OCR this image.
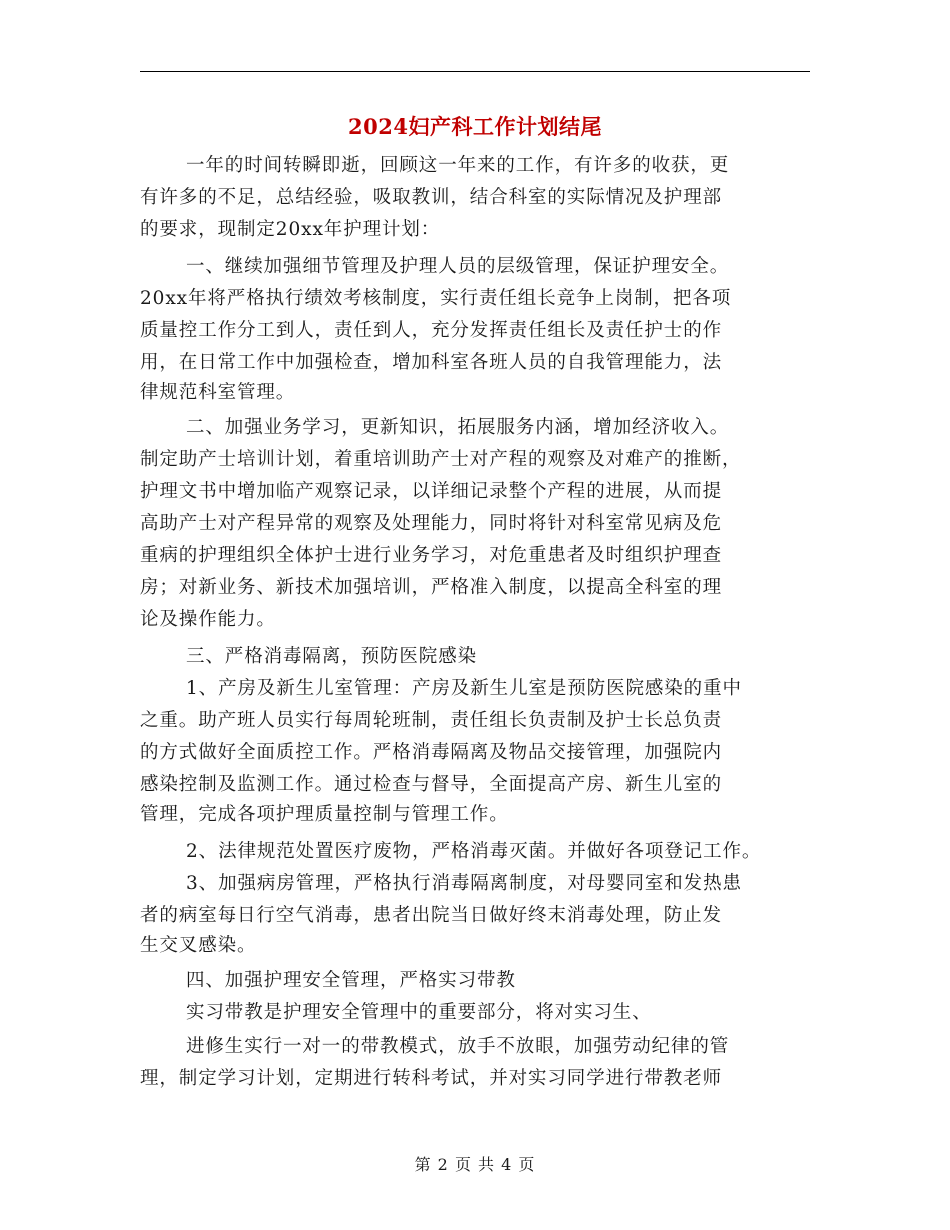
2024妇产科工作计划结尾
一年的时间转瞬即逝，回顾这一年来的工作，有许多的收获，更
有许多的不足，总结经验，吸取教训，结合科室的实际情况及护理部
的要求，现制定20xx年护理计划：
一、继续加强细节管理及护理人员的层级管理，保证护理安全。
20xx年将严格执行绩效考核制度，实行责任组长竞争上岗制，把各项
质量控工作分工到人，责任到人，充分发挥责任组长及责任护士的作
用，在日常工作中加强检查，增加科室各班人员的自我管理能力，法
律规范科室管理。
二、加强业务学习，更新知识，拓展服务内涵，增加经济收入。
制定助产士培训计划，着重培训助产士对产程的观察及对难产的推断，
护理文书中增加临产观察记录，以详细记录整个产程的进展，从而提
高助产士对产程异常的观察及处理能力，同时将针对科室常见病及危
重病的护理组织全体护士进行业务学习，对危重患者及时组织护理查
房；对新业务、新技术加强培训，严格准入制度，以提高全科室的理
论及操作能力。
三、严格消毒隔离，预防医院感染
1、产房及新生儿室管理：产房及新生儿室是预防医院感染的重中
之重。助产班人员实行每周轮班制，责任组长负责制及护士长总负责
的方式做好全面质控工作。严格消毒隔离及物品交接管理，加强院内
感染控制及监测工作。通过检查与督导，全面提高产房、新生儿室的
管理，完成各项护理质量控制与管理工作。
2、法律规范处置医疗废物，严格消毒灭菌。并做好各项登记工作。
3、加强病房管理，严格执行消毒隔离制度，对母婴同室和发热患
者的病室每日行空气消毒，患者出院当日做好终末消毒处理，防止发
生交叉感染。
四、加强护理安全管理，严格实习带教
实习带教是护理安全管理中的重要部分，将对实习生、
进修生实行一对一的带教模式，放手不放眼，加强劳动纪律的管
理，制定学习计划，定期进行转科考试，并对实习同学进行带教老师
第 2 页 共 4 页
